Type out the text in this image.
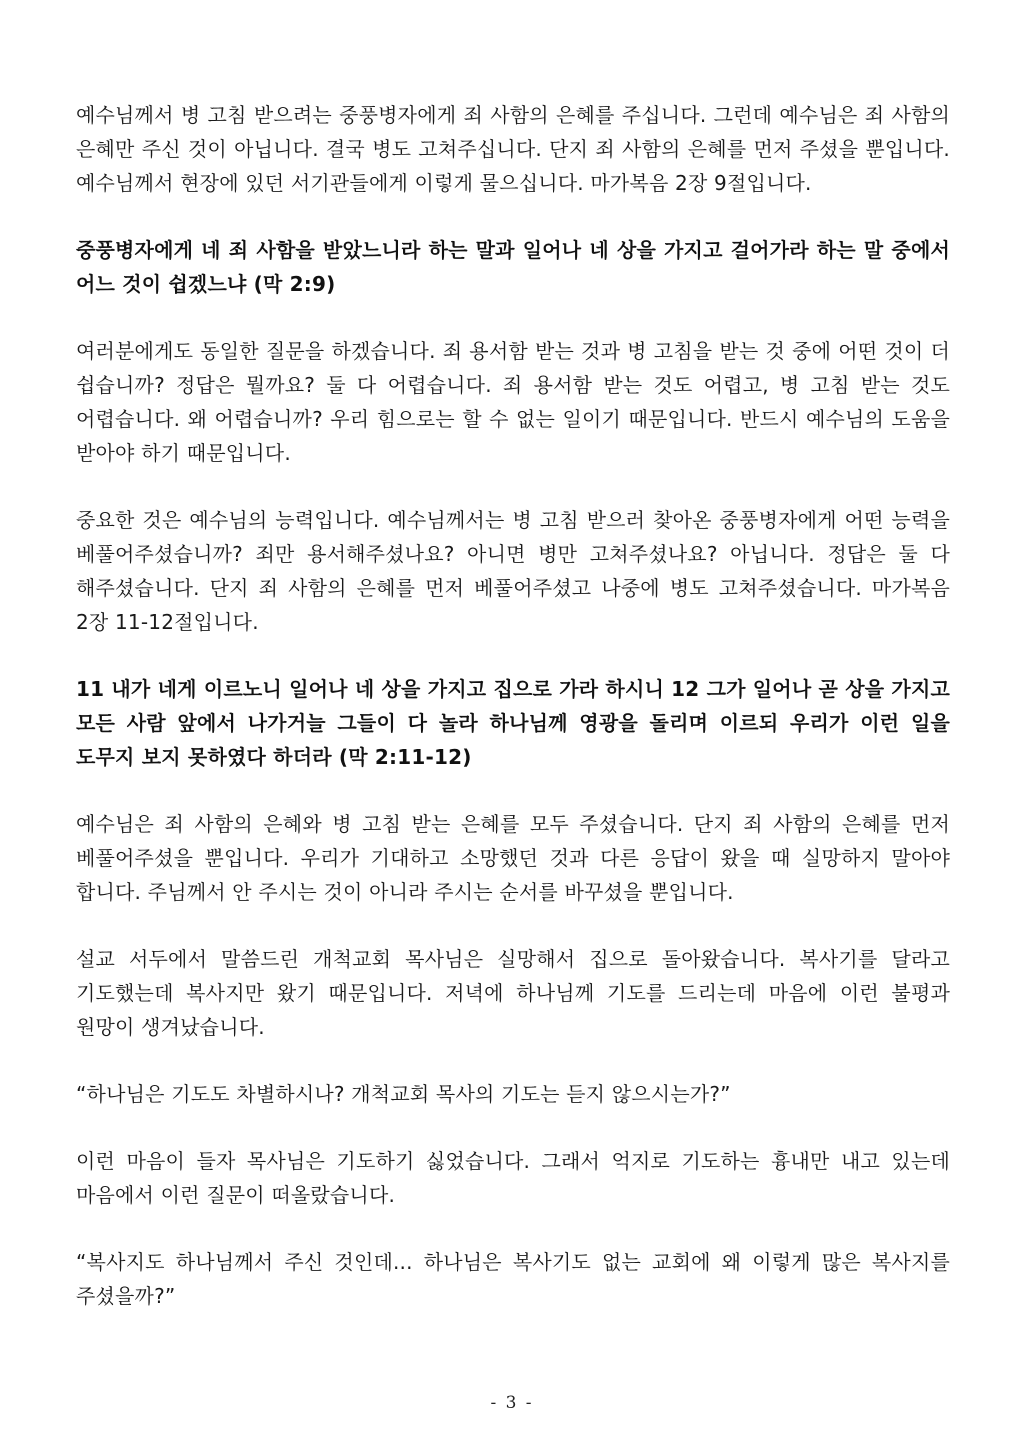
예수님께서 병 고침 받으려는 중풍병자에게 죄 사함의 은혜를 주십니다. 그런데 예수님은 죄 사함의 은혜만 주신 것이 아닙니다. 결국 병도 고쳐주십니다. 단지 죄 사함의 은혜를 먼저 주셨을 뿐입니다. 예수님께서 현장에 있던 서기관들에게 이렇게 물으십니다. 마가복음 2장 9절입니다.

중풍병자에게 네 죄 사함을 받았느니라 하는 말과 일어나 네 상을 가지고 걸어가라 하는 말 중에서 어느 것이 쉽겠느냐 (막 2:9)

여러분에게도 동일한 질문을 하겠습니다. 죄 용서함 받는 것과 병 고침을 받는 것 중에 어떤 것이 더 쉽습니까? 정답은 뭘까요? 둘 다 어렵습니다. 죄 용서함 받는 것도 어렵고, 병 고침 받는 것도 어렵습니다. 왜 어렵습니까? 우리 힘으로는 할 수 없는 일이기 때문입니다. 반드시 예수님의 도움을 받아야 하기 때문입니다.

중요한 것은 예수님의 능력입니다. 예수님께서는 병 고침 받으러 찾아온 중풍병자에게 어떤 능력을 베풀어주셨습니까? 죄만 용서해주셨나요? 아니면 병만 고쳐주셨나요? 아닙니다. 정답은 둘 다 해주셨습니다. 단지 죄 사함의 은혜를 먼저 베풀어주셨고 나중에 병도 고쳐주셨습니다. 마가복음 2장 11-12절입니다.

11 내가 네게 이르노니 일어나 네 상을 가지고 집으로 가라 하시니 12 그가 일어나 곧 상을 가지고 모든 사람 앞에서 나가거늘 그들이 다 놀라 하나님께 영광을 돌리며 이르되 우리가 이런 일을 도무지 보지 못하였다 하더라 (막 2:11-12)

예수님은 죄 사함의 은혜와 병 고침 받는 은혜를 모두 주셨습니다. 단지 죄 사함의 은혜를 먼저 베풀어주셨을 뿐입니다. 우리가 기대하고 소망했던 것과 다른 응답이 왔을 때 실망하지 말아야 합니다. 주님께서 안 주시는 것이 아니라 주시는 순서를 바꾸셨을 뿐입니다.

설교 서두에서 말씀드린 개척교회 목사님은 실망해서 집으로 돌아왔습니다. 복사기를 달라고 기도했는데 복사지만 왔기 때문입니다. 저녁에 하나님께 기도를 드리는데 마음에 이런 불평과 원망이 생겨났습니다.

“하나님은 기도도 차별하시나? 개척교회 목사의 기도는 듣지 않으시는가?”

이런 마음이 들자 목사님은 기도하기 싫었습니다. 그래서 억지로 기도하는 흉내만 내고 있는데 마음에서 이런 질문이 떠올랐습니다.

“복사지도 하나님께서 주신 것인데... 하나님은 복사기도 없는 교회에 왜 이렇게 많은 복사지를 주셨을까?”

- 3 -
